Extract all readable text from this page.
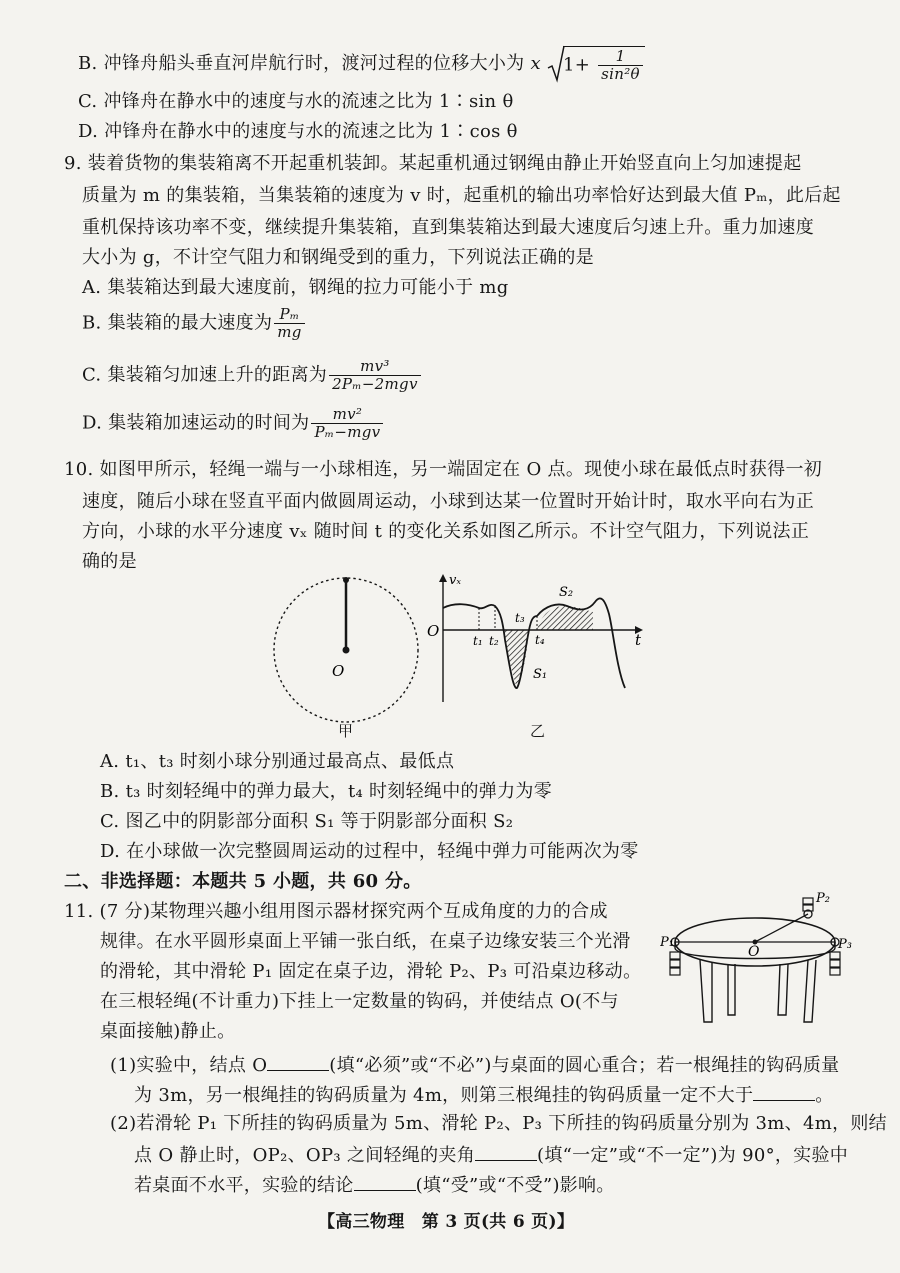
B. 冲锋舟船头垂直河岸航行时，渡河过程的位移大小为 x $1+ \frac{1}{\text{sin²θ}}$
C. 冲锋舟在静水中的速度与水的流速之比为 1∶sin θ
D. 冲锋舟在静水中的速度与水的流速之比为 1∶cos θ
9. 装着货物的集装箱离不开起重机装卸。某起重机通过钢绳由静止开始竖直向上匀加速提起
质量为 m 的集装箱，当集装箱的速度为 v 时，起重机的输出功率恰好达到最大值 Pₘ，此后起
重机保持该功率不变，继续提升集装箱，直到集装箱达到最大速度后匀速上升。重力加速度
大小为 g，不计空气阻力和钢绳受到的重力，下列说法正确的是
A. 集装箱达到最大速度前，钢绳的拉力可能小于 mg
B. 集装箱的最大速度为 $\frac{\text{Pₘ}}{mg}$
C. 集装箱匀加速上升的距离为 $\frac{\text{mv³}}{\text{2Pₘ−2mgv}}$
D. 集装箱加速运动的时间为 $\frac{\text{mv²}}{\text{Pₘ−mgv}}$
10. 如图甲所示，轻绳一端与一小球相连，另一端固定在 O 点。现使小球在最低点时获得一初
速度，随后小球在竖直平面内做圆周运动，小球到达某一位置时开始计时，取水平向右为正
方向，小球的水平分速度 vₓ 随时间 t 的变化关系如图乙所示。不计空气阻力，下列说法正
确的是
O
甲
vₓ
O	t
t₁ t₂
t₃
t₄
S₁
S₂
乙
A. t₁、t₃ 时刻小球分别通过最高点、最低点
B. t₃ 时刻轻绳中的弹力最大，t₄ 时刻轻绳中的弹力为零
C. 图乙中的阴影部分面积 S₁ 等于阴影部分面积 S₂
D. 在小球做一次完整圆周运动的过程中，轻绳中弹力可能两次为零
二、非选择题：本题共 5 小题，共 60 分。
11. (7 分)某物理兴趣小组用图示器材探究两个互成角度的力的合成
规律。在水平圆形桌面上平铺一张白纸，在桌子边缘安装三个光滑
的滑轮，其中滑轮 P₁ 固定在桌子边，滑轮 P₂、P₃ 可沿桌边移动。
在三根轻绳(不计重力)下挂上一定数量的钩码，并使结点 O(不与
桌面接触)静止。
O
P₁
P₂
P₃
(1)实验中，结点 O	(填“必须”或“不必”)与桌面的圆心重合；若一根绳挂的钩码质量
为 3m，另一根绳挂的钩码质量为 4m，则第三根绳挂的钩码质量一定不大于	。
(2)若滑轮 P₁ 下所挂的钩码质量为 5m、滑轮 P₂、P₃ 下所挂的钩码质量分别为 3m、4m，则结
点 O 静止时，OP₂、OP₃ 之间轻绳的夹角	(填“一定”或“不一定”)为 90°，实验中
若桌面不水平，实验的结论	(填“受”或“不受”)影响。
【高三物理　第 3 页(共 6 页)】
